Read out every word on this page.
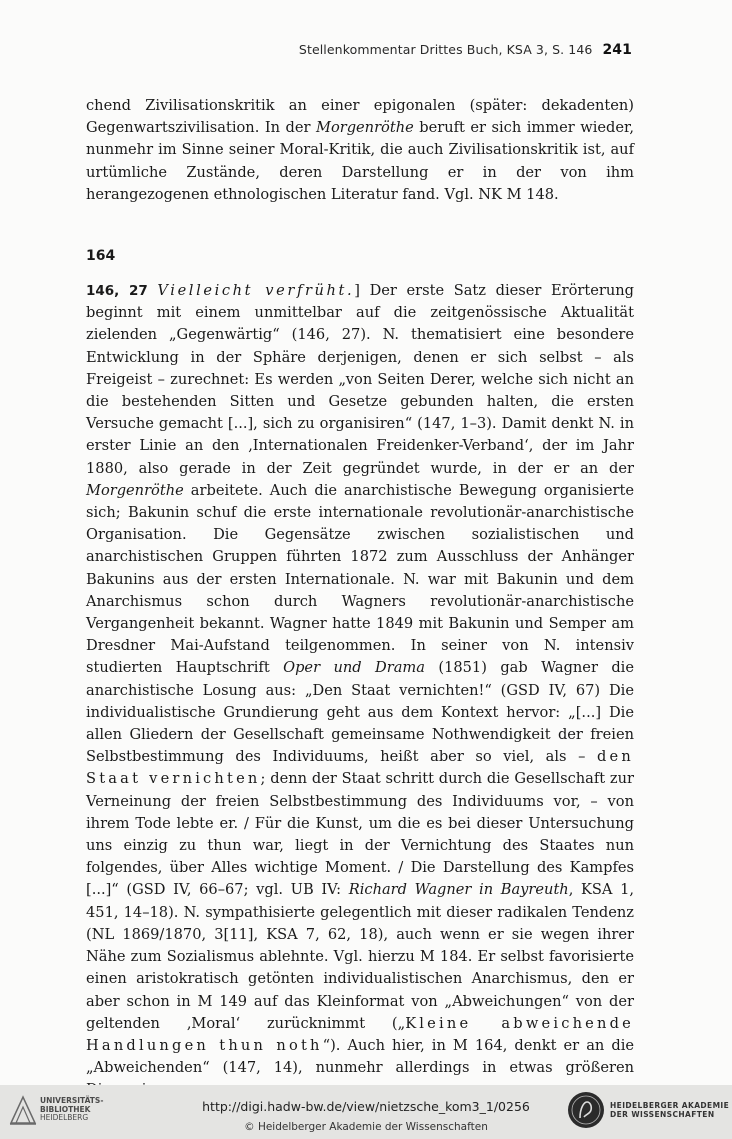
Stellenkommentar Drittes Buch, KSA 3, S. 146 241

chend Zivilisationskritik an einer epigonalen (später: dekadenten) Gegenwartszivilisation. In der Morgenröthe beruft er sich immer wieder, nunmehr im Sinne seiner Moral-Kritik, die auch Zivilisationskritik ist, auf urtümliche Zustände, deren Darstellung er in der von ihm herangezogenen ethnologischen Literatur fand. Vgl. NK M 148.

164

146, 27 Vielleicht verfrüht.] Der erste Satz dieser Erörterung beginnt mit einem unmittelbar auf die zeitgenössische Aktualität zielenden „Gegenwärtig“ (146, 27). N. thematisiert eine besondere Entwicklung in der Sphäre derjenigen, denen er sich selbst – als Freigeist – zurechnet: Es werden „von Seiten Derer, welche sich nicht an die bestehenden Sitten und Gesetze gebunden halten, die ersten Versuche gemacht [...], sich zu organisiren“ (147, 1–3). Damit denkt N. in erster Linie an den ‚Internationalen Freidenker-Verband‘, der im Jahr 1880, also gerade in der Zeit gegründet wurde, in der er an der Morgenröthe arbeitete. Auch die anarchistische Bewegung organisierte sich; Bakunin schuf die erste internationale revolutionär-anarchistische Organisation. Die Gegensätze zwischen sozialistischen und anarchistischen Gruppen führten 1872 zum Ausschluss der Anhänger Bakunins aus der ersten Internationale. N. war mit Bakunin und dem Anarchismus schon durch Wagners revolutionär-anarchistische Vergangenheit bekannt. Wagner hatte 1849 mit Bakunin und Semper am Dresdner Mai-Aufstand teilgenommen. In seiner von N. intensiv studierten Hauptschrift Oper und Drama (1851) gab Wagner die anarchistische Losung aus: „Den Staat vernichten!“ (GSD IV, 67) Die individualistische Grundierung geht aus dem Kontext hervor: „[...] Die allen Gliedern der Gesellschaft gemeinsame Nothwendigkeit der freien Selbstbestimmung des Individuums, heißt aber so viel, als – den Staat vernichten; denn der Staat schritt durch die Gesellschaft zur Verneinung der freien Selbstbestimmung des Individuums vor, – von ihrem Tode lebte er. / Für die Kunst, um die es bei dieser Untersuchung uns einzig zu thun war, liegt in der Vernichtung des Staates nun folgendes, über Alles wichtige Moment. / Die Darstellung des Kampfes [...]“ (GSD IV, 66–67; vgl. UB IV: Richard Wagner in Bayreuth, KSA 1, 451, 14–18). N. sympathisierte gelegentlich mit dieser radikalen Tendenz (NL 1869/1870, 3[11], KSA 7, 62, 18), auch wenn er sie wegen ihrer Nähe zum Sozialismus ablehnte. Vgl. hierzu M 184. Er selbst favorisierte einen aristokratisch getönten individualistischen Anarchismus, den er aber schon in M 149 auf das Kleinformat von „Abweichungen“ von der geltenden ‚Moral‘ zurücknimmt („Kleine abweichende Handlungen thun noth“). Auch hier, in M 164, denkt er an die „Abweichenden“ (147, 14), nunmehr allerdings in etwas größeren

UNIVERSITÄTS-
BIBLIOTHEK
HEIDELBERG
http://digi.hadw-bw.de/view/nietzsche_kom3_1/0256
© Heidelberger Akademie der Wissenschaften
HEIDELBERGER AKADEMIE
DER WISSENSCHAFTEN
